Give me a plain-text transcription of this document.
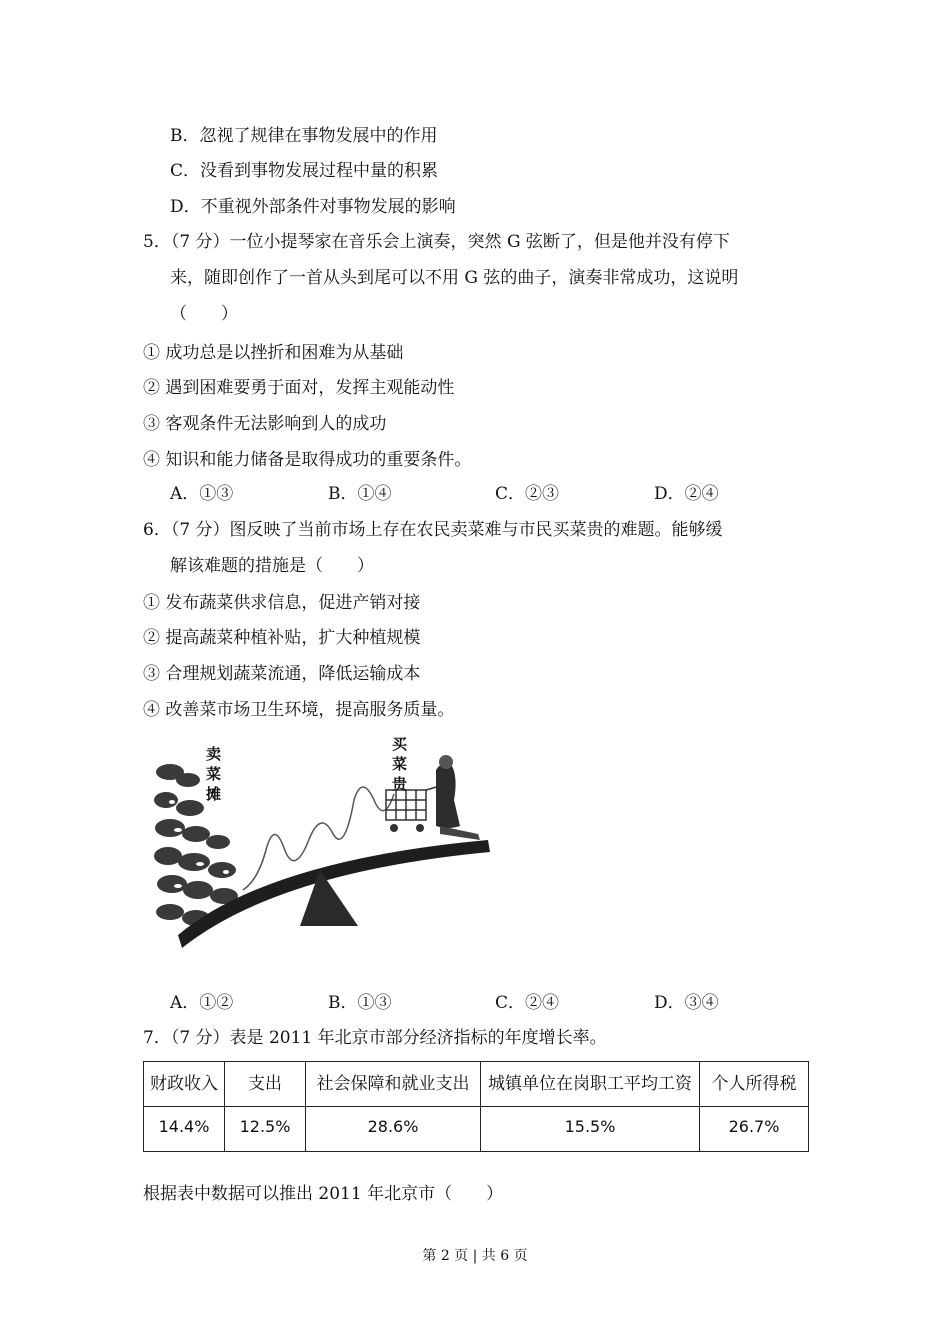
B．忽视了规律在事物发展中的作用
C．没看到事物发展过程中量的积累
D．不重视外部条件对事物发展的影响
5．（7 分）一位小提琴家在音乐会上演奏，突然 G 弦断了，但是他并没有停下
来，随即创作了一首从头到尾可以不用 G 弦的曲子，演奏非常成功，这说明
（　　）
① 成功总是以挫折和困难为从基础
② 遇到困难要勇于面对，发挥主观能动性
③ 客观条件无法影响到人的成功
④ 知识和能力储备是取得成功的重要条件。
A．①③	B．①④	C．②③	D．②④
6．（7 分）图反映了当前市场上存在农民卖菜难与市民买菜贵的难题。能够缓
解该难题的措施是（　　）
① 发布蔬菜供求信息，促进产销对接
② 提高蔬菜种植补贴，扩大种植规模
③ 合理规划蔬菜流通，降低运输成本
④ 改善菜市场卫生环境，提高服务质量。
卖菜摊
买菜贵
A．①②	B．①③	C．②④	D．③④
7．（7 分）表是 2011 年北京市部分经济指标的年度增长率。
财政收入	支出	社会保障和就业支出	城镇单位在岗职工平均工资	个人所得税
14.4%	12.5%	28.6%	15.5%	26.7%
根据表中数据可以推出 2011 年北京市（　　）
第 2 页 | 共 6 页
